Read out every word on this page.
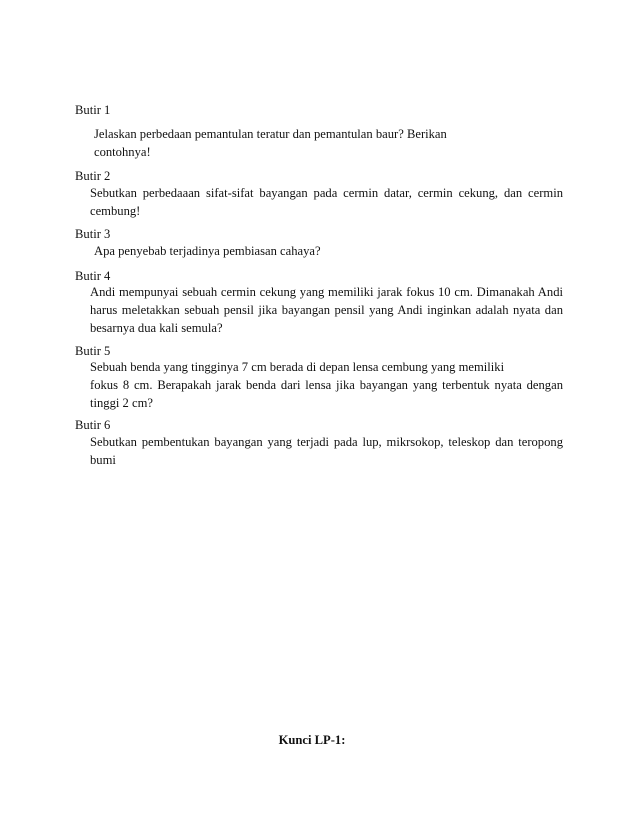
Butir 1
Jelaskan perbedaan pemantulan teratur dan pemantulan baur? Berikan
contohnya!
Butir 2
Sebutkan perbedaaan sifat-sifat bayangan pada cermin datar, cermin cekung, dan cermin
cembung!
Butir 3
Apa penyebab terjadinya pembiasan cahaya?
Butir 4
Andi mempunyai sebuah cermin cekung yang memiliki jarak fokus 10 cm. Dimanakah Andi
harus meletakkan sebuah pensil jika bayangan pensil yang Andi inginkan adalah nyata dan
besarnya dua kali semula?
Butir 5
Sebuah benda yang tingginya 7 cm berada di depan lensa cembung yang memiliki
fokus 8 cm. Berapakah jarak benda dari lensa jika bayangan yang terbentuk nyata dengan
tinggi 2 cm?
Butir 6
Sebutkan pembentukan bayangan yang terjadi pada lup, mikrsokop, teleskop dan teropong
bumi
Kunci LP-1:
